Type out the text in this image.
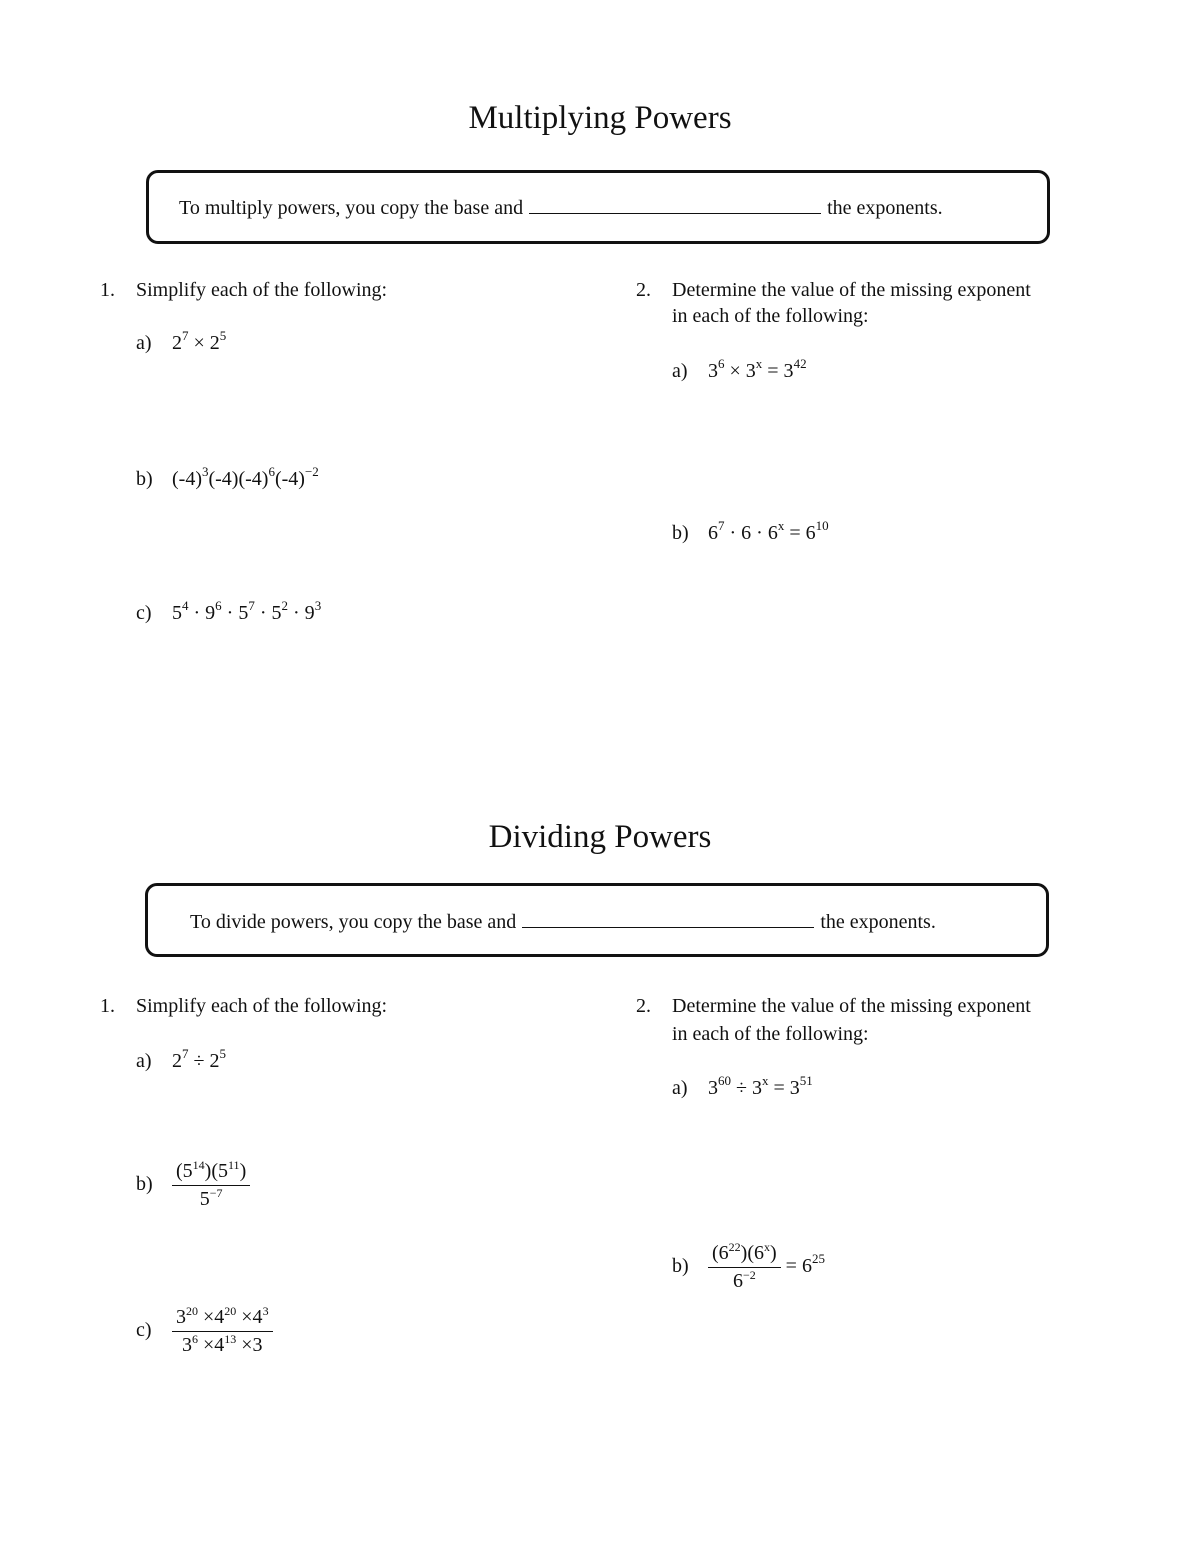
Multiplying Powers
To multiply powers, you copy the base and	the exponents.
1. Simplify each of the following:
a) $2^7 \times 2^5$
b) $(-4)^3(-4)(-4)^6(-4)^{-2}$
c) $5^4 \cdot 9^6 \cdot 5^7 \cdot 5^2 \cdot 9^3$
2. Determine the value of the missing exponent
in each of the following:
a) $3^6 \times 3^x = 3^{42}$
b) $6^7 \cdot 6 \cdot 6^x = 6^{10}$
Dividing Powers
To divide powers, you copy the base and	the exponents.
1. Simplify each of the following:
a) $2^7 \div 2^5$
$b) \frac{(5^{14})(5^{11})}{5^{-7}}$
$c) \frac{3^{20} \times 4^{20} \times 4^3}{3^6 \times 4^{13} \times 3}$
2. Determine the value of the missing exponent
in each of the following:
a) $3^{60} \div 3^x = 3^{51}$
$b) \frac{(6^{22})(6^x)}{6^{-2}} = 6^{25}$
